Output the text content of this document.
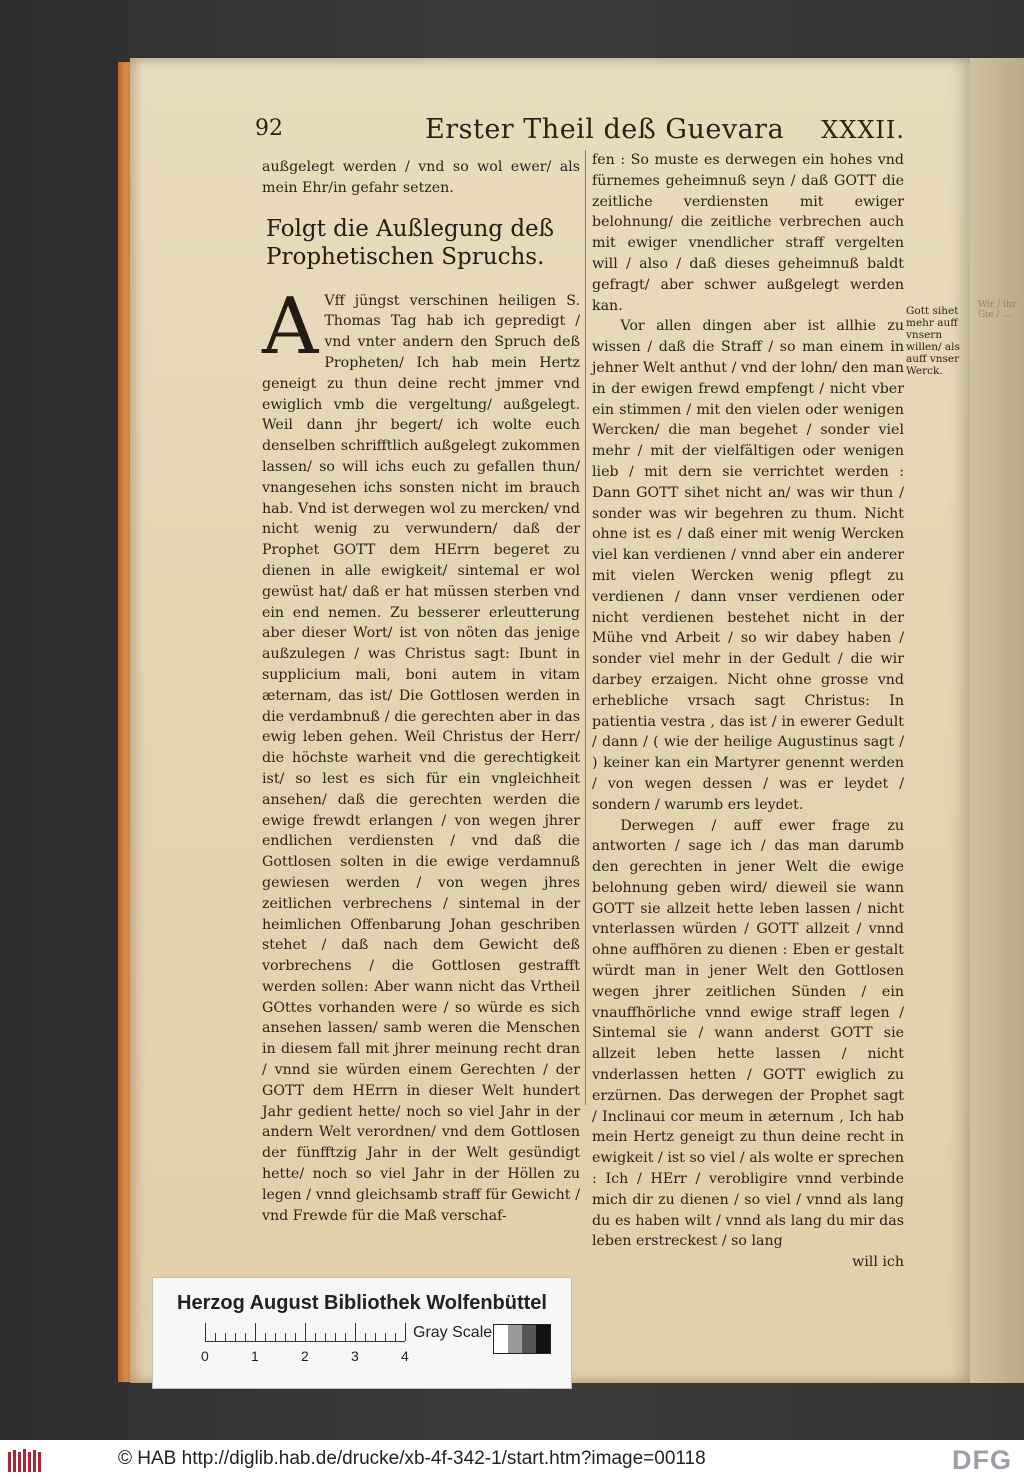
Wir / ihr Gie / ...
92	Erster Theil deß Guevara XXXII.

außgelegt werden / vnd so wol ewer/ als mein Ehr/in gefahr setzen.

Folgt die Außlegung deß Prophetischen Spruchs.

A Vff jüngst verschinen heiligen S. Thomas Tag hab ich gepredigt / vnd vnter andern den Spruch deß Propheten/ Ich hab mein Hertz geneigt zu thun deine recht jmmer vnd ewiglich vmb die vergeltung/ außgelegt. Weil dann jhr begert/ ich wolte euch denselben schrifftlich außgelegt zukommen lassen/ so will ichs euch zu gefallen thun/ vnangesehen ichs sonsten nicht im brauch hab. Vnd ist derwegen wol zu mercken/ vnd nicht wenig zu verwundern/ daß der Prophet GOTT dem HErrn begeret zu dienen in alle ewigkeit/ sintemal er wol gewüst hat/ daß er hat müssen sterben vnd ein end nemen. Zu besserer erleutterung aber dieser Wort/ ist von nöten das jenige außzulegen / was Christus sagt: Ibunt in supplicium mali, boni autem in vitam æternam, das ist/ Die Gottlosen werden in die verdambnuß / die gerechten aber in das ewig leben gehen. Weil Christus der Herr/ die höchste warheit vnd die gerechtigkeit ist/ so lest es sich für ein vngleichheit ansehen/ daß die gerechten werden die ewige frewdt erlangen / von wegen jhrer endlichen verdiensten / vnd daß die Gottlosen solten in die ewige verdamnuß gewiesen werden / von wegen jhres zeitlichen verbrechens / sintemal in der heimlichen Offenbarung Johan geschriben stehet / daß nach dem Gewicht deß vorbrechens / die Gottlosen gestrafft werden sollen: Aber wann nicht das Vrtheil GOttes vorhanden were / so würde es sich ansehen lassen/ samb weren die Menschen in diesem fall mit jhrer meinung recht dran / vnnd sie würden einem Gerechten / der GOTT dem HErrn in dieser Welt hundert Jahr gedient hette/ noch so viel Jahr in der andern Welt verordnen/ vnd dem Gottlosen der fünfftzig Jahr in der Welt gesündigt hette/ noch so viel Jahr in der Höllen zu legen / vnnd gleichsamb straff für Gewicht / vnd Frewde für die Maß verschaf-

fen : So muste es derwegen ein hohes vnd fürnemes geheimnuß seyn / daß GOTT die zeitliche verdiensten mit ewiger belohnung/ die zeitliche verbrechen auch mit ewiger vnendlicher straff vergelten will / also / daß dieses geheimnuß baldt gefragt/ aber schwer außgelegt werden kan.

Vor allen dingen aber ist allhie zu wissen / daß die Straff / so man einem in jehner Welt anthut / vnd der lohn/ den man in der ewigen frewd empfengt / nicht vber ein stimmen / mit den vielen oder wenigen Wercken/ die man begehet / sonder viel mehr / mit der vielfältigen oder wenigen lieb / mit dern sie verrichtet werden : Dann GOTT sihet nicht an/ was wir thun / sonder was wir begehren zu thum. Nicht ohne ist es / daß einer mit wenig Wercken viel kan verdienen / vnnd aber ein anderer mit vielen Wercken wenig pflegt zu verdienen / dann vnser verdienen oder nicht verdienen bestehet nicht in der Mühe vnd Arbeit / so wir dabey haben / sonder viel mehr in der Gedult / die wir darbey erzaigen. Nicht ohne grosse vnd erhebliche vrsach sagt Christus: In patientia vestra , das ist / in ewerer Gedult / dann / ( wie der heilige Augustinus sagt / ) keiner kan ein Martyrer genennt werden / von wegen dessen / was er leydet / sondern / warumb ers leydet.

Derwegen / auff ewer frage zu antworten / sage ich / das man darumb den gerechten in jener Welt die ewige belohnung geben wird/ dieweil sie wann GOTT sie allzeit hette leben lassen / nicht vnterlassen würden / GOTT allzeit / vnnd ohne auffhören zu dienen : Eben er gestalt würdt man in jener Welt den Gottlosen wegen jhrer zeitlichen Sünden / ein vnauffhörliche vnnd ewige straff legen / Sintemal sie / wann anderst GOTT sie allzeit leben hette lassen / nicht vnderlassen hetten / GOTT ewiglich zu erzürnen. Das derwegen der Prophet sagt / Inclinaui cor meum in æternum , Ich hab mein Hertz geneigt zu thun deine recht in ewigkeit / ist so viel / als wolte er sprechen : Ich / HErr / verobligire vnnd verbinde mich dir zu dienen / so viel / vnnd als lang du es haben wilt / vnnd als lang du mir das leben erstreckest / so lang

will ich

Gott sihet mehr auff vnsern willen/ als auff vnser Werck.
Herzog August Bibliothek Wolfenbüttel
0	1	2	3	4
Gray Scale
© HAB http://diglib.hab.de/drucke/xb-4f-342-1/start.htm?image=00118	DFG
